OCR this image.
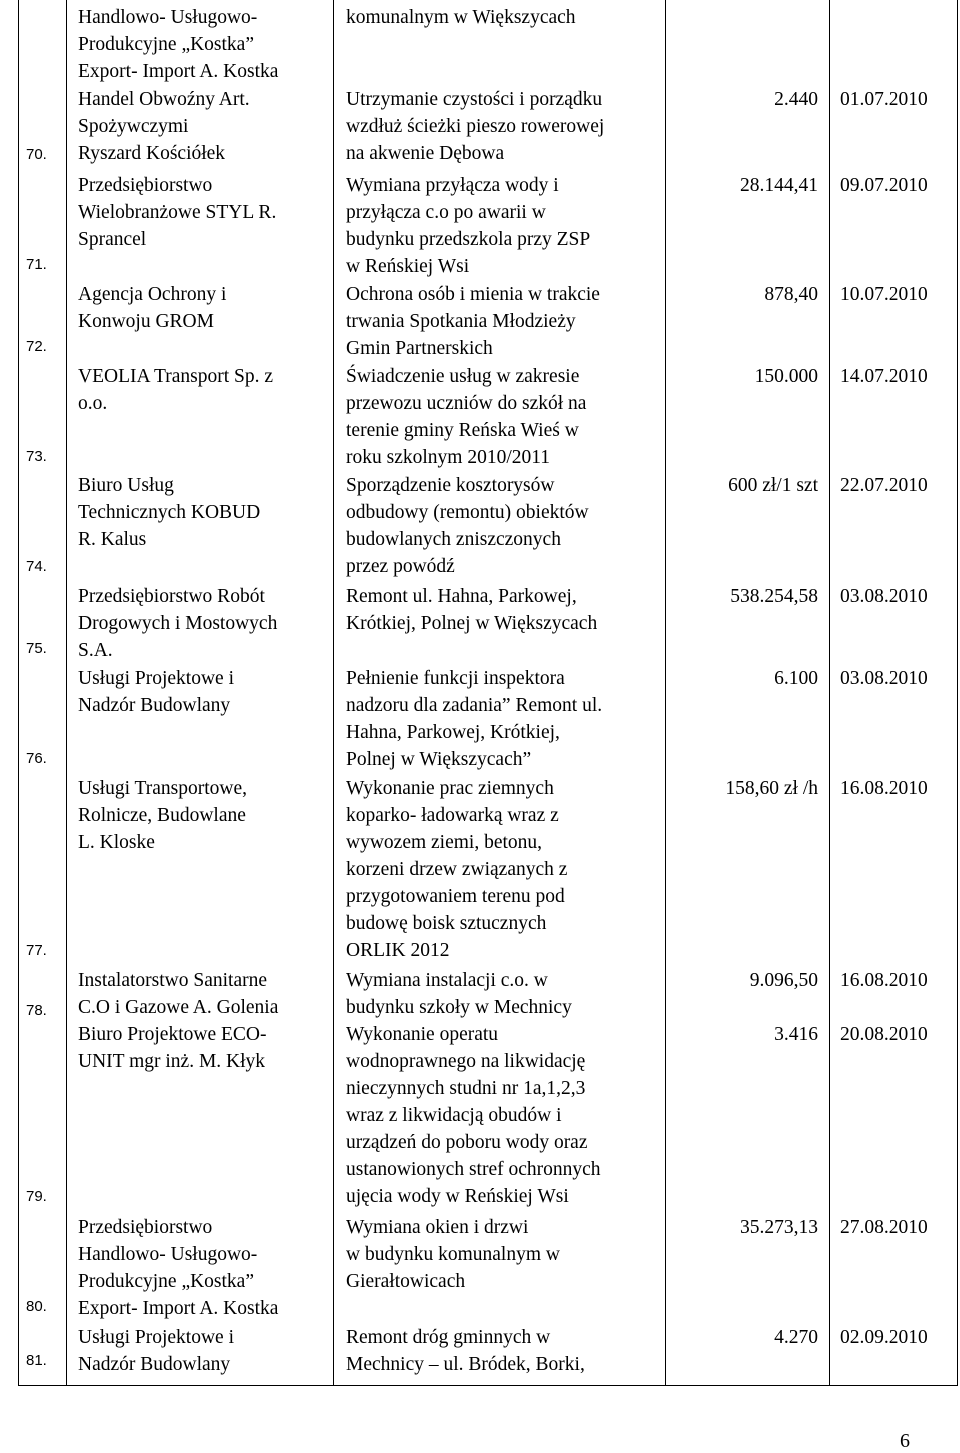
Handlowo- Usługowo-
Produkcyjne „Kostka”
Export- Import A. Kostka
komunalnym w Większycach
70.
Handel Obwoźny Art.
Spożywczymi
Ryszard Kościółek
Utrzymanie czystości i porządku
wzdłuż ścieżki pieszo rowerowej
na akwenie Dębowa
2.440 01.07.2010
71.
Przedsiębiorstwo
Wielobranżowe STYL R.
Sprancel
Wymiana przyłącza wody i
przyłącza c.o po awarii w
budynku przedszkola przy ZSP
w Reńskiej Wsi
28.144,41 09.07.2010
72.
Agencja Ochrony i
Konwoju GROM
Ochrona osób i mienia w trakcie
trwania Spotkania Młodzieży
Gmin Partnerskich
878,40 10.07.2010
73.
VEOLIA Transport Sp. z
o.o.
Świadczenie usług w zakresie
przewozu uczniów do szkół na
terenie gminy Reńska Wieś w
roku szkolnym 2010/2011
150.000 14.07.2010
74.
Biuro Usług
Technicznych KOBUD
R. Kalus
Sporządzenie kosztorysów
odbudowy (remontu) obiektów
budowlanych zniszczonych
przez powódź
600 zł/1 szt 22.07.2010
75.
Przedsiębiorstwo Robót
Drogowych i Mostowych
S.A.
Remont ul. Hahna, Parkowej,
Krótkiej, Polnej w Większycach
538.254,58 03.08.2010
76.
Usługi Projektowe i
Nadzór Budowlany
Pełnienie funkcji inspektora
nadzoru dla zadania” Remont ul.
Hahna, Parkowej, Krótkiej,
Polnej w Większycach”
6.100 03.08.2010
77.
Usługi Transportowe,
Rolnicze, Budowlane
L. Kloske
Wykonanie prac ziemnych
koparko- ładowarką wraz z
wywozem ziemi, betonu,
korzeni drzew związanych z
przygotowaniem terenu pod
budowę boisk sztucznych
ORLIK 2012
158,60 zł /h 16.08.2010
78.
Instalatorstwo Sanitarne
C.O i Gazowe A. Golenia
Wymiana instalacji c.o. w
budynku szkoły w Mechnicy
9.096,50 16.08.2010
79.
Biuro Projektowe ECO-
UNIT mgr inż. M. Kłyk
Wykonanie operatu
wodnoprawnego na likwidację
nieczynnych studni nr 1a,1,2,3
wraz z likwidacją obudów i
urządzeń do poboru wody oraz
ustanowionych stref ochronnych
ujęcia wody w Reńskiej Wsi
3.416 20.08.2010
80.
Przedsiębiorstwo
Handlowo- Usługowo-
Produkcyjne „Kostka”
Export- Import A. Kostka
Wymiana okien i drzwi
w budynku komunalnym w
Gierałtowicach
35.273,13 27.08.2010
81.
Usługi Projektowe i
Nadzór Budowlany
Remont dróg gminnych w
Mechnicy – ul. Bródek, Borki,
4.270 02.09.2010
6
